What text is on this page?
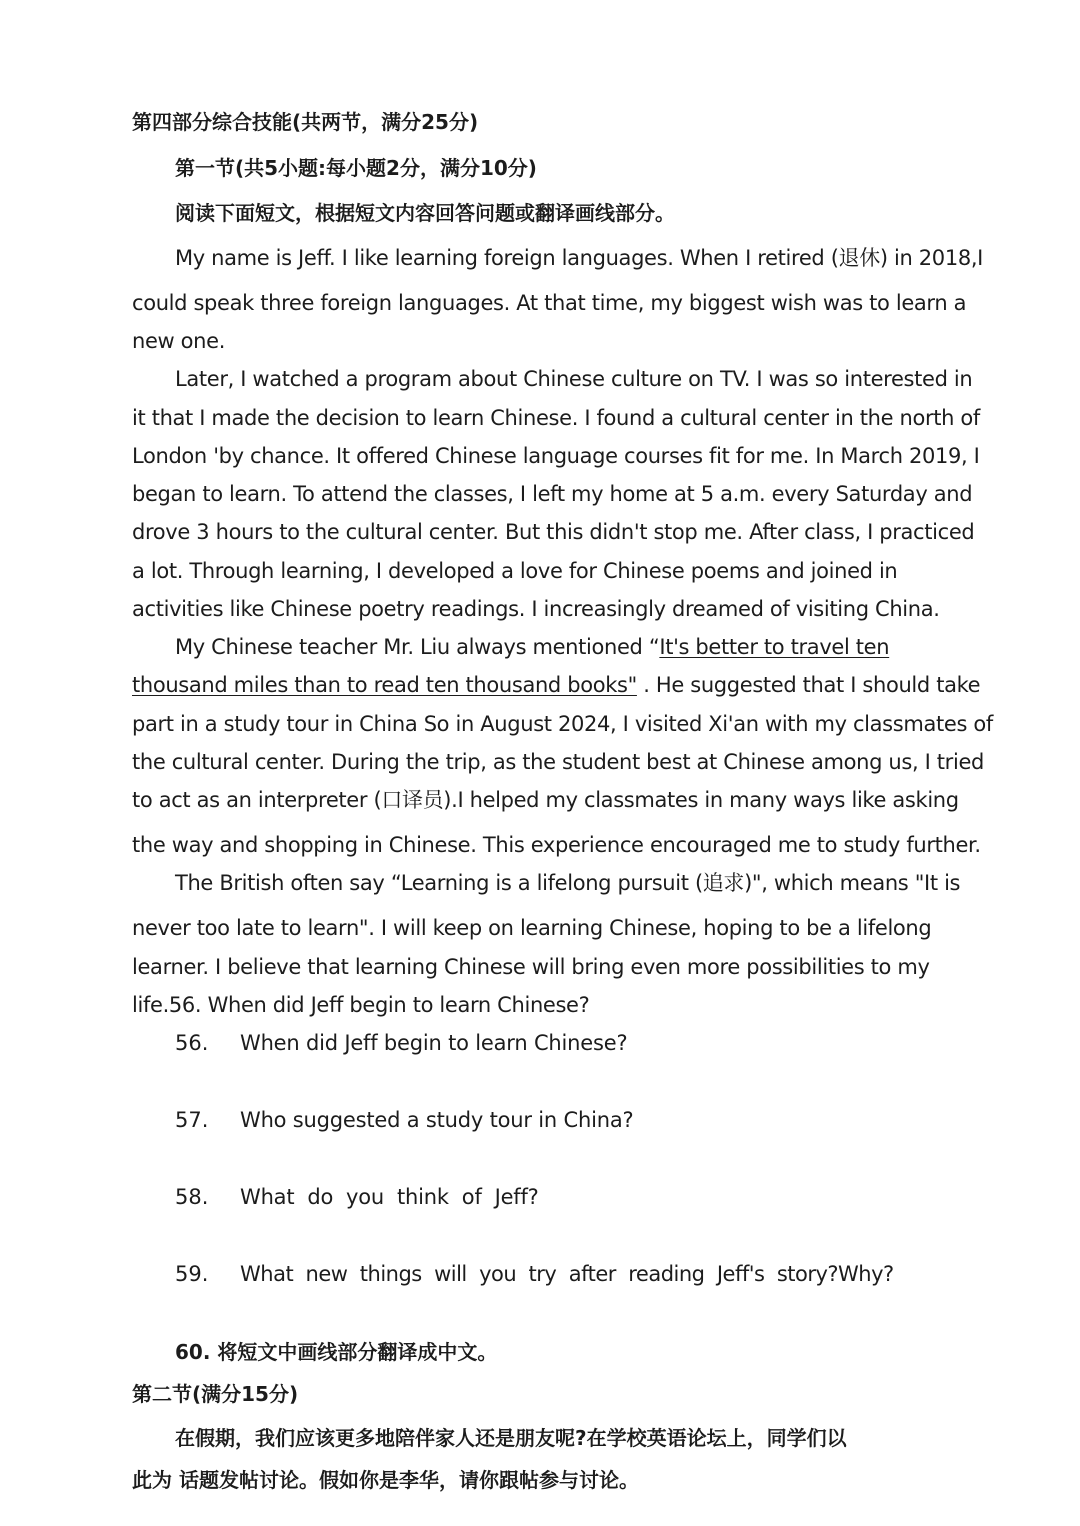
第四部分综合技能(共两节，满分25分)
第一节(共5小题:每小题2分，满分10分)
阅读下面短文，根据短文内容回答问题或翻译画线部分。
My name is Jeff. I like learning foreign languages. When I retired (退休) in 2018,I
could speak three foreign languages. At that time, my biggest wish was to learn a
new one.
Later, I watched a program about Chinese culture on TV. I was so interested in
it that I made the decision to learn Chinese. I found a cultural center in the north of
London 'by chance. It offered Chinese language courses fit for me. In March 2019, I
began to learn. To attend the classes, I left my home at 5 a.m. every Saturday and
drove 3 hours to the cultural center. But this didn't stop me. After class, I practiced
a lot. Through learning, I developed a love for Chinese poems and joined in
activities like Chinese poetry readings. I increasingly dreamed of visiting China.
My Chinese teacher Mr. Liu always mentioned “It's better to travel ten
thousand miles than to read ten thousand books" . He suggested that I should take
part in a study tour in China So in August 2024, I visited Xi'an with my classmates of
the cultural center. During the trip, as the student best at Chinese among us, I tried
to act as an interpreter (口译员).I helped my classmates in many ways like asking
the way and shopping in Chinese. This experience encouraged me to study further.
The British often say “Learning is a lifelong pursuit (追求)", which means "It is
never too late to learn". I will keep on learning Chinese, hoping to be a lifelong
learner. I believe that learning Chinese will bring even more possibilities to my
life.56. When did Jeff begin to learn Chinese?
56. When did Jeff begin to learn Chinese?
57. Who suggested a study tour in China?
58. What  do  you  think  of  Jeff?
59. What  new  things  will  you  try  after  reading  Jeff's  story?Why?
60. 将短文中画线部分翻译成中文。
第二节(满分15分)
在假期，我们应该更多地陪伴家人还是朋友呢?在学校英语论坛上，同学们以
此为 话题发帖讨论。假如你是李华，请你跟帖参与讨论。
